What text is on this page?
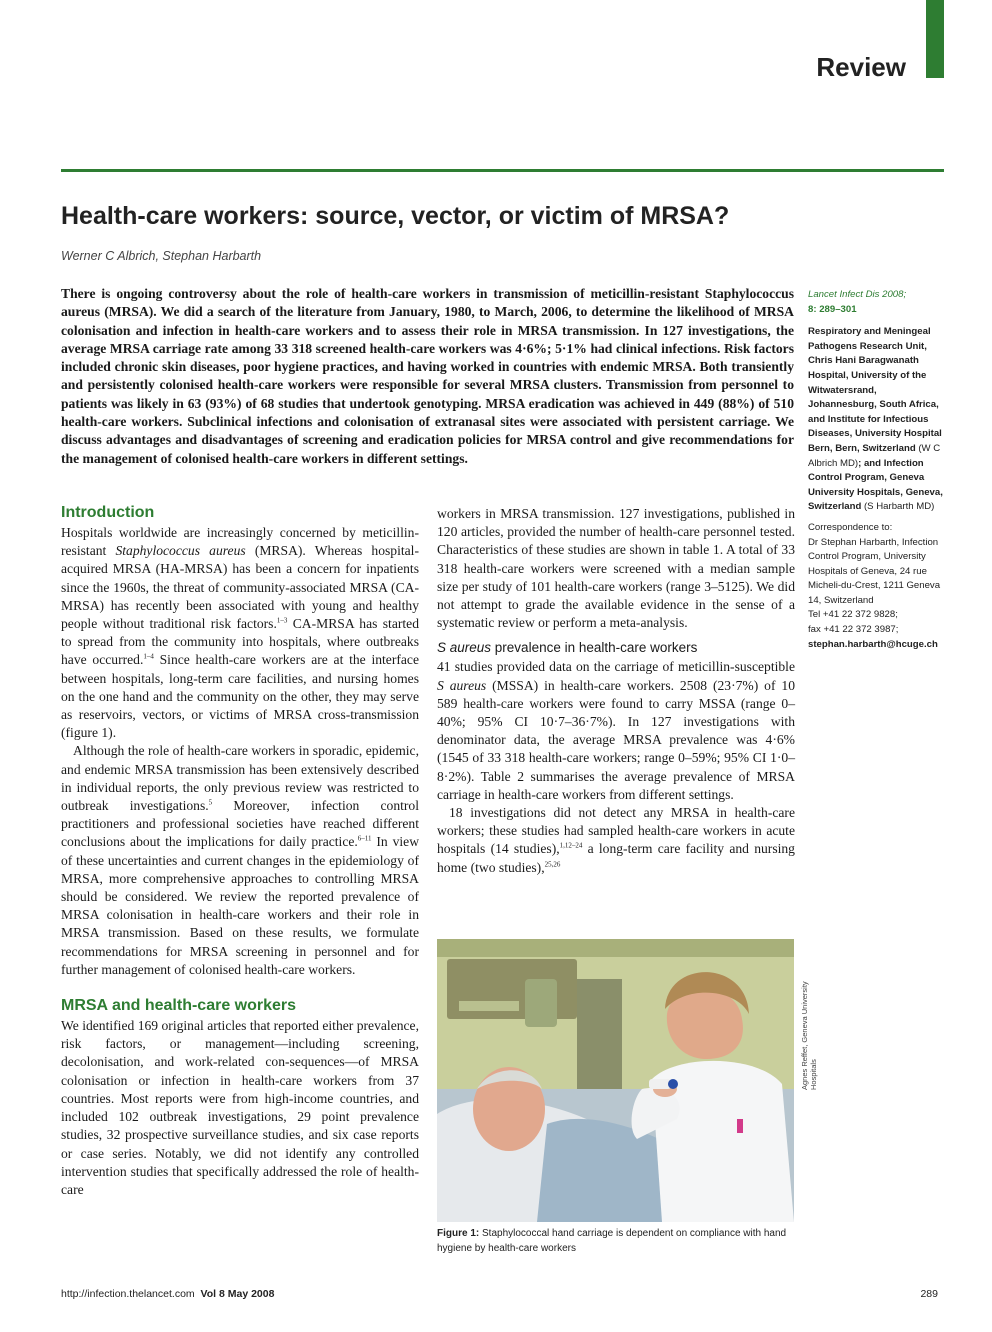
Review
Health-care workers: source, vector, or victim of MRSA?
Werner C Albrich, Stephan Harbarth

There is ongoing controversy about the role of health-care workers in transmission of meticillin-resistant Staphylococcus aureus (MRSA). We did a search of the literature from January, 1980, to March, 2006, to determine the likelihood of MRSA colonisation and infection in health-care workers and to assess their role in MRSA transmission. In 127 investigations, the average MRSA carriage rate among 33 318 screened health-care workers was 4·6%; 5·1% had clinical infections. Risk factors included chronic skin diseases, poor hygiene practices, and having worked in countries with endemic MRSA. Both transiently and persistently colonised health-care workers were responsible for several MRSA clusters. Transmission from personnel to patients was likely in 63 (93%) of 68 studies that undertook genotyping. MRSA eradication was achieved in 449 (88%) of 510 health-care workers. Subclinical infections and colonisation of extranasal sites were associated with persistent carriage. We discuss advantages and disadvantages of screening and eradication policies for MRSA control and give recommendations for the management of colonised health-care workers in different settings.

Lancet Infect Dis 2008;
8: 289–301

Respiratory and Meningeal Pathogens Research Unit, Chris Hani Baragwanath Hospital, University of the Witwatersrand, Johannesburg, South Africa, and Institute for Infectious Diseases, University Hospital Bern, Bern, Switzerland (W C Albrich MD); and Infection Control Program, Geneva University Hospitals, Geneva, Switzerland (S Harbarth MD)

Correspondence to:
Dr Stephan Harbarth, Infection Control Program, University Hospitals of Geneva, 24 rue Micheli-du-Crest, 1211 Geneva 14, Switzerland
Tel +41 22 372 9828;
fax +41 22 372 3987;
stephan.harbarth@hcuge.ch

Introduction

Hospitals worldwide are increasingly concerned by meticillin-resistant Staphylococcus aureus (MRSA). Whereas hospital-acquired MRSA (HA-MRSA) has been a concern for inpatients since the 1960s, the threat of community-associated MRSA (CA-MRSA) has recently been associated with young and healthy people without traditional risk factors.$^{1-3}$ CA-MRSA has started to spread from the community into hospitals, where outbreaks have occurred.$^{1-4}$ Since health-care workers are at the interface between hospitals, long-term care facilities, and nursing homes on the one hand and the community on the other, they may serve as reservoirs, vectors, or victims of MRSA cross-transmission (figure 1).

Although the role of health-care workers in sporadic, epidemic, and endemic MRSA transmission has been extensively described in individual reports, the only previous review was restricted to outbreak investigations.$^5$ Moreover, infection control practitioners and professional societies have reached different conclusions about the implications for daily practice.$^{6-11}$ In view of these uncertainties and current changes in the epidemiology of MRSA, more comprehensive approaches to controlling MRSA should be considered. We review the reported prevalence of MRSA colonisation in health-care workers and their role in MRSA transmission. Based on these results, we formulate recommendations for MRSA screening in personnel and for further management of colonised health-care workers.

MRSA and health-care workers

We identified 169 original articles that reported either prevalence, risk factors, or management—including screening, decolonisation, and work-related con-sequences—of MRSA colonisation or infection in health-care workers from 37 countries. Most reports were from high-income countries, and included 102 outbreak investigations, 29 point prevalence studies, 32 prospective surveillance studies, and six case reports or case series. Notably, we did not identify any controlled intervention studies that specifically addressed the role of health-care

workers in MRSA transmission. 127 investigations, published in 120 articles, provided the number of health-care personnel tested. Characteristics of these studies are shown in table 1. A total of 33 318 health-care workers were screened with a median sample size per study of 101 health-care workers (range 3–5125). We did not attempt to grade the available evidence in the sense of a systematic review or perform a meta-analysis.

S aureus prevalence in health-care workers

41 studies provided data on the carriage of meticillin-susceptible S aureus (MSSA) in health-care workers. 2508 (23·7%) of 10 589 health-care workers were found to carry MSSA (range 0–40%; 95% CI 10·7–36·7%). In 127 investigations with denominator data, the average MRSA prevalence was 4·6% (1545 of 33 318 health-care workers; range 0–59%; 95% CI 1·0–8·2%). Table 2 summarises the average prevalence of MRSA carriage in health-care workers from different settings.

18 investigations did not detect any MRSA in health-care workers; these studies had sampled health-care workers in acute hospitals (14 studies),$^{1,12-24}$ a long-term care facility and nursing home (two studies),$^{25,26}$

Agnes Reffet, Geneva University Hospitals
Figure 1: Staphylococcal hand carriage is dependent on compliance with hand hygiene by health-care workers
http://infection.thelancet.com Vol 8 May 2008	289
